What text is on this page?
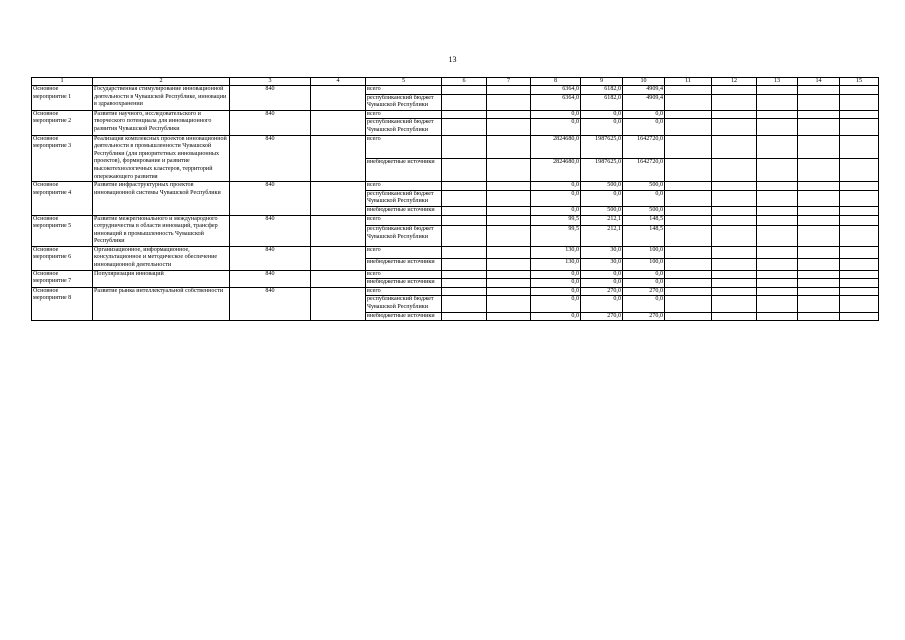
13
1	2	3	4	5	6	7	8	9	10	11	12	13	14	15
Основное мероприятие 1	Государственная стимулирование инновационной деятельности в Чувашской Республике, инновации в здравоохранении	840		всего			6364,0	6182,0	4909,4					
				республиканский бюджет Чувашской Республики			6364,0	6182,0	4909,4					
Основное мероприятие 2	Развитие научного, исследовательского и творческого потенциала для инновационного развития Чувашской Республики	840		всего			0,0	0,0	0,0					
				республиканский бюджет Чувашской Республики			0,0	0,0	0,0					
Основное мероприятие 3	Реализация комплексных проектов инновационной деятельности в промышленности Чувашской Республики (для приоритетных инновационных проектов), формирование и развитие высокотехнологичных кластеров, территорий опережающего развития	840		всего			2824680,0	1987625,0	1642720,0					
				внебюджетные источники			2824680,0	1987625,0	1642720,0					
Основное мероприятие 4	Развитие инфраструктурных проектов инновационной системы Чувашской Республики	840		всего			0,0	500,0	500,0					
				республиканский бюджет Чувашской Республики			0,0	0,0	0,0					
				внебюджетные источники			0,0	500,0	500,0					
Основное мероприятие 5	Развитие межрегионального и международного сотрудничества в области инноваций, трансфер инноваций в промышленность Чувашской Республики	840		всего			99,5	212,1	148,5					
				республиканский бюджет Чувашской Республики			99,5	212,1	148,5					
Основное мероприятие 6	Организационное, информационное, консультационное и методическое обеспечение инновационной деятельности	840		всего			130,0	30,0	100,0					
				внебюджетные источники			130,0	30,0	100,0					
Основное мероприятие 7	Популяризация инноваций	840		всего			0,0	0,0	0,0					
				внебюджетные источники			0,0	0,0	0,0					
Основное мероприятие 8	Развитие рынка интеллектуальной собственности	840		всего			0,0	270,0	270,0					
				республиканский бюджет Чувашской Республики			0,0	0,0	0,0					
				внебюджетные источники			0,0	270,0	270,0					
